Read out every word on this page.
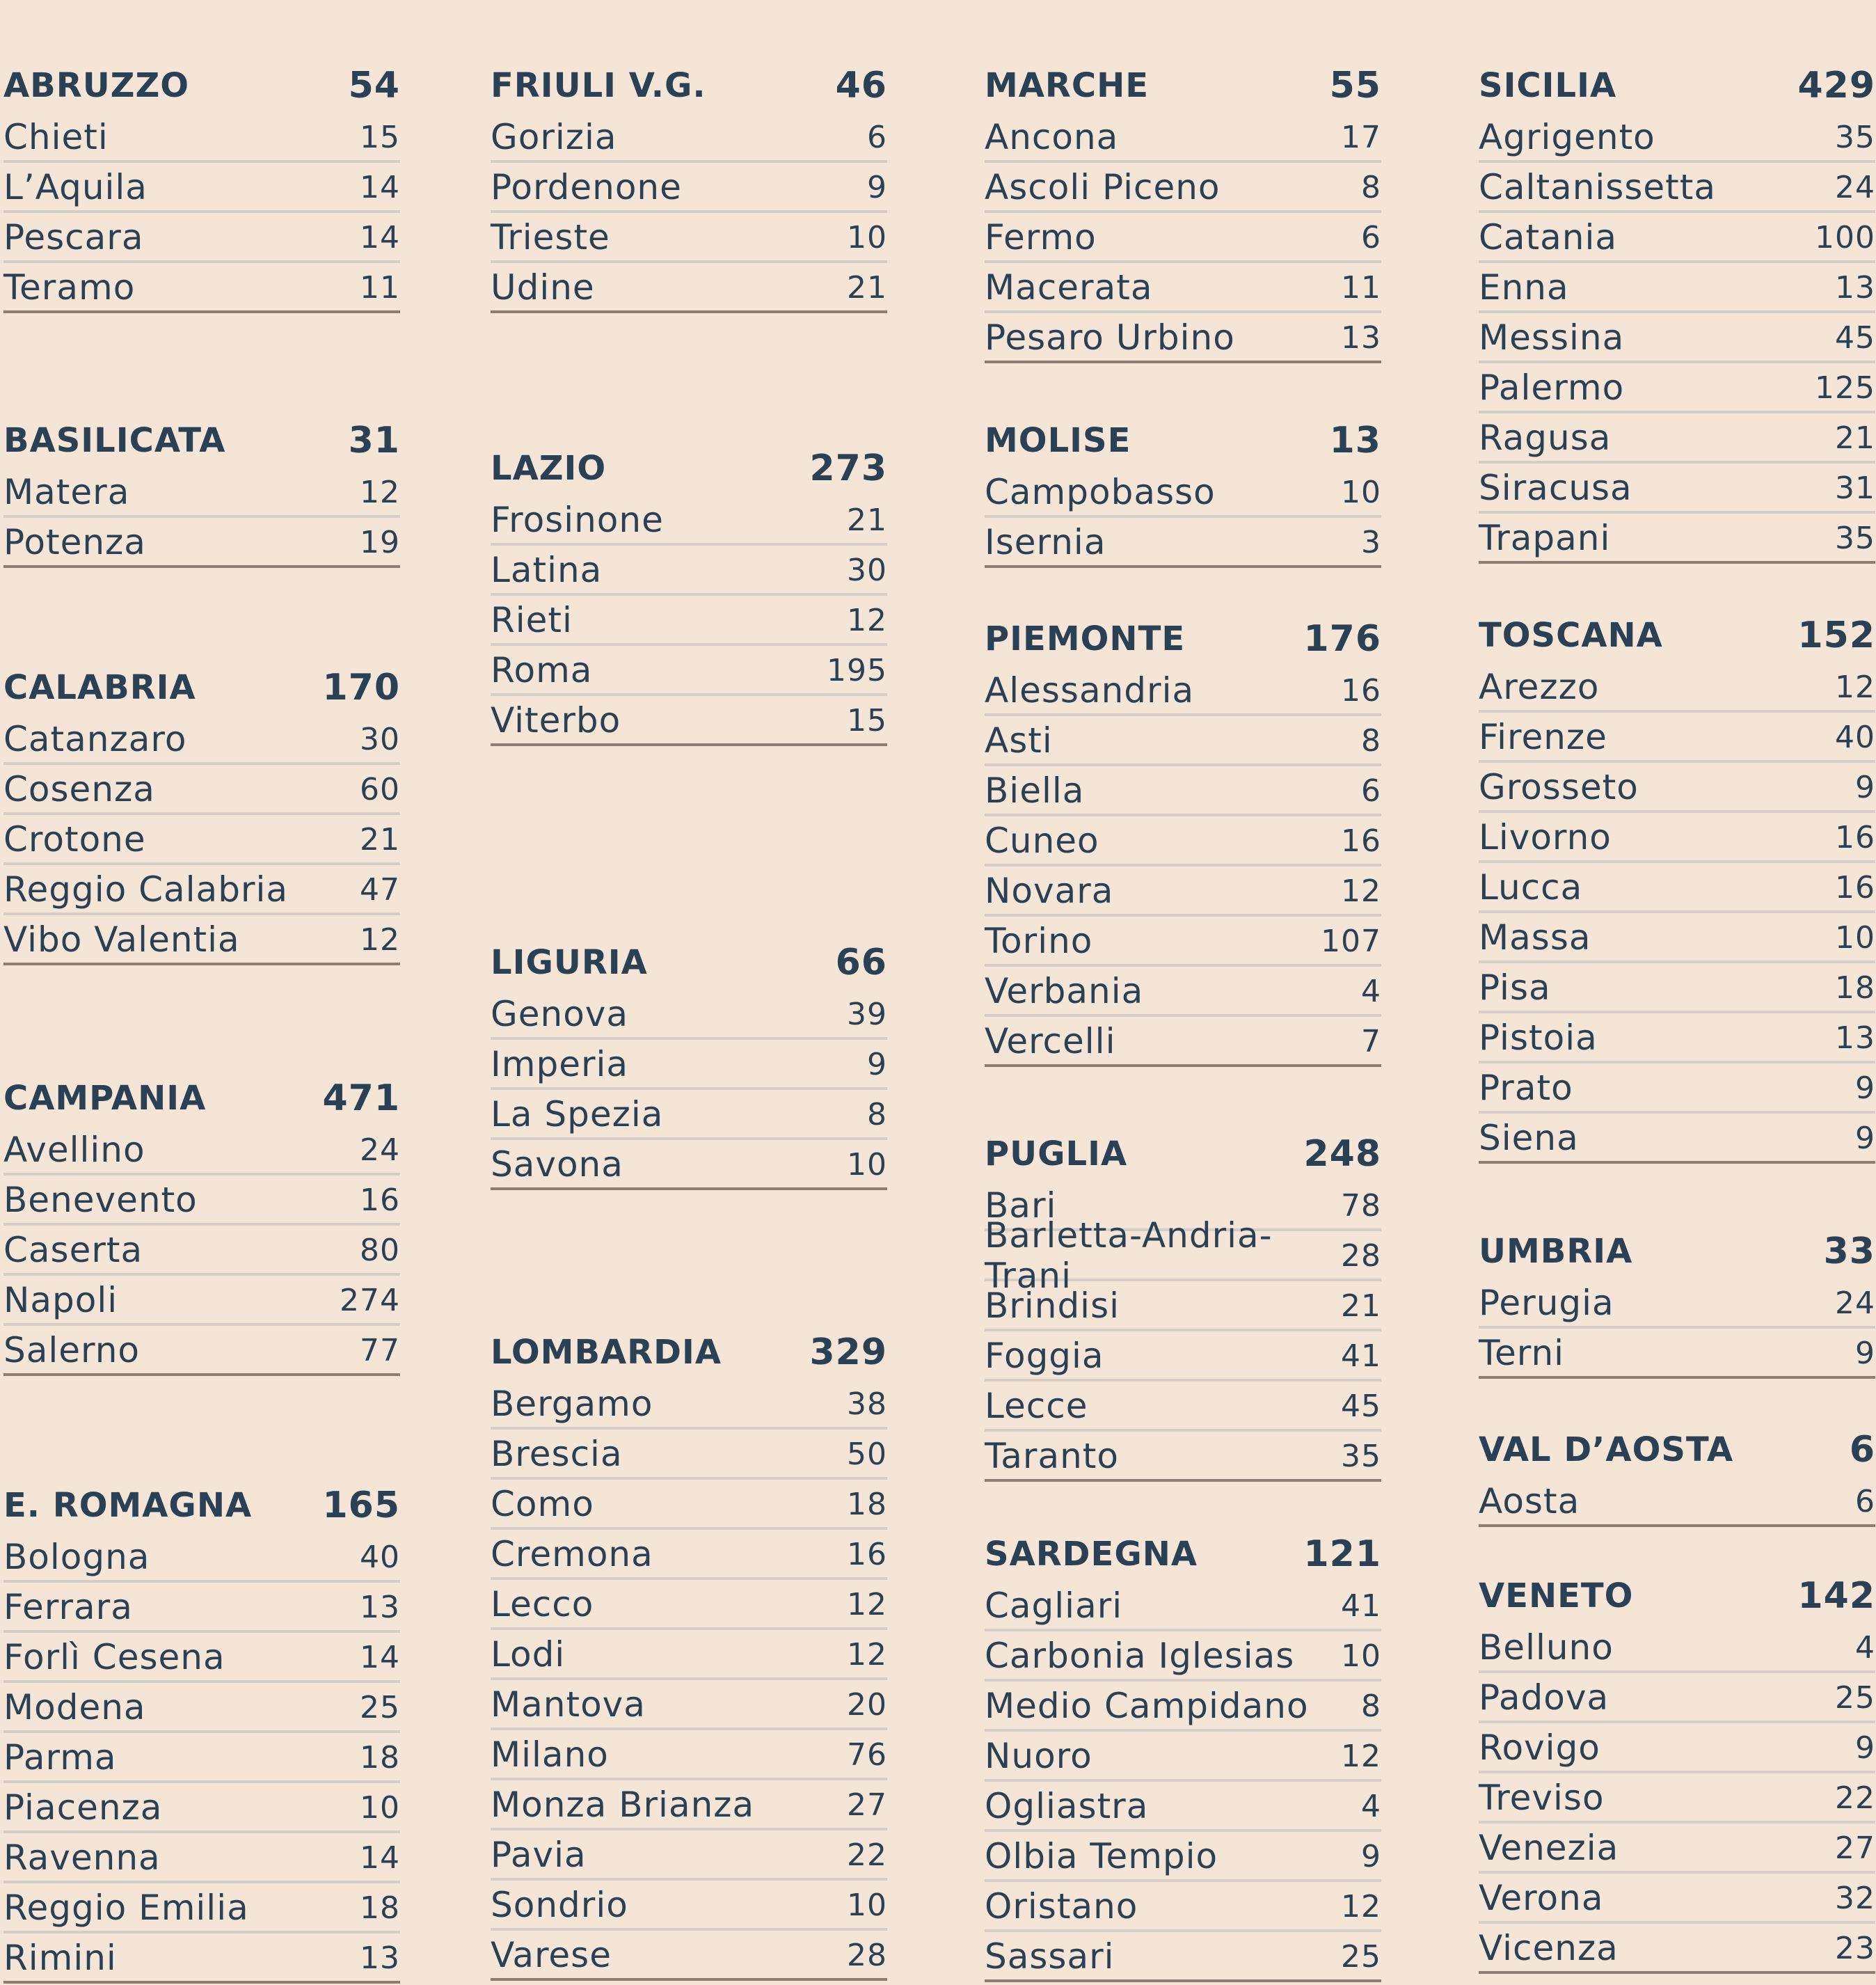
ABRUZZO	54
Chieti	15
L’Aquila	14
Pescara	14
Teramo	11
BASILICATA	31
Matera	12
Potenza	19
CALABRIA	170
Catanzaro	30
Cosenza	60
Crotone	21
Reggio Calabria 47
Vibo Valentia	12
CAMPANIA	471
Avellino	24
Benevento	16
Caserta	80
Napoli	274
Salerno	77
E. ROMAGNA 165
Bologna	40
Ferrara	13
Forlì Cesena	14
Modena	25
Parma	18
Piacenza	10
Ravenna	14
Reggio Emilia	18
Rimini	13
FRIULI V.G.	46
Gorizia	6
Pordenone	9
Trieste	10
Udine	21
LAZIO	273
Frosinone	21
Latina	30
Rieti	12
Roma	195
Viterbo	15
LIGURIA	66
Genova	39
Imperia	9
La Spezia	8
Savona	10
LOMBARDIA 329
Bergamo	38
Brescia	50
Como	18
Cremona	16
Lecco	12
Lodi	12
Mantova	20
Milano	76
Monza Brianza	27
Pavia	22
Sondrio	10
Varese	28
MARCHE	55
Ancona	17
Ascoli Piceno	8
Fermo	6
Macerata	11
Pesaro Urbino	13
MOLISE	13
Campobasso	10
Isernia	3
PIEMONTE	176
Alessandria	16
Asti	8
Biella	6
Cuneo	16
Novara	12
Torino	107
Verbania	4
Vercelli	7
PUGLIA	248
Bari	78
Barletta-Andria-Trani	28
Brindisi	21
Foggia	41
Lecce	45
Taranto	35
SARDEGNA	121
Cagliari	41
Carbonia Iglesias 10
Medio Campidano 8
Nuoro	12
Ogliastra	4
Olbia Tempio	9
Oristano	12
Sassari	25
SICILIA	429
Agrigento	35
Caltanissetta	24
Catania	100
Enna	13
Messina	45
Palermo	125
Ragusa	21
Siracusa	31
Trapani	35
TOSCANA	152
Arezzo	12
Firenze	40
Grosseto	9
Livorno	16
Lucca	16
Massa	10
Pisa	18
Pistoia	13
Prato	9
Siena	9
UMBRIA	33
Perugia	24
Terni	9
VAL D’AOSTA	6
Aosta	6
VENETO	142
Belluno	4
Padova	25
Rovigo	9
Treviso	22
Venezia	27
Verona	32
Vicenza	23
